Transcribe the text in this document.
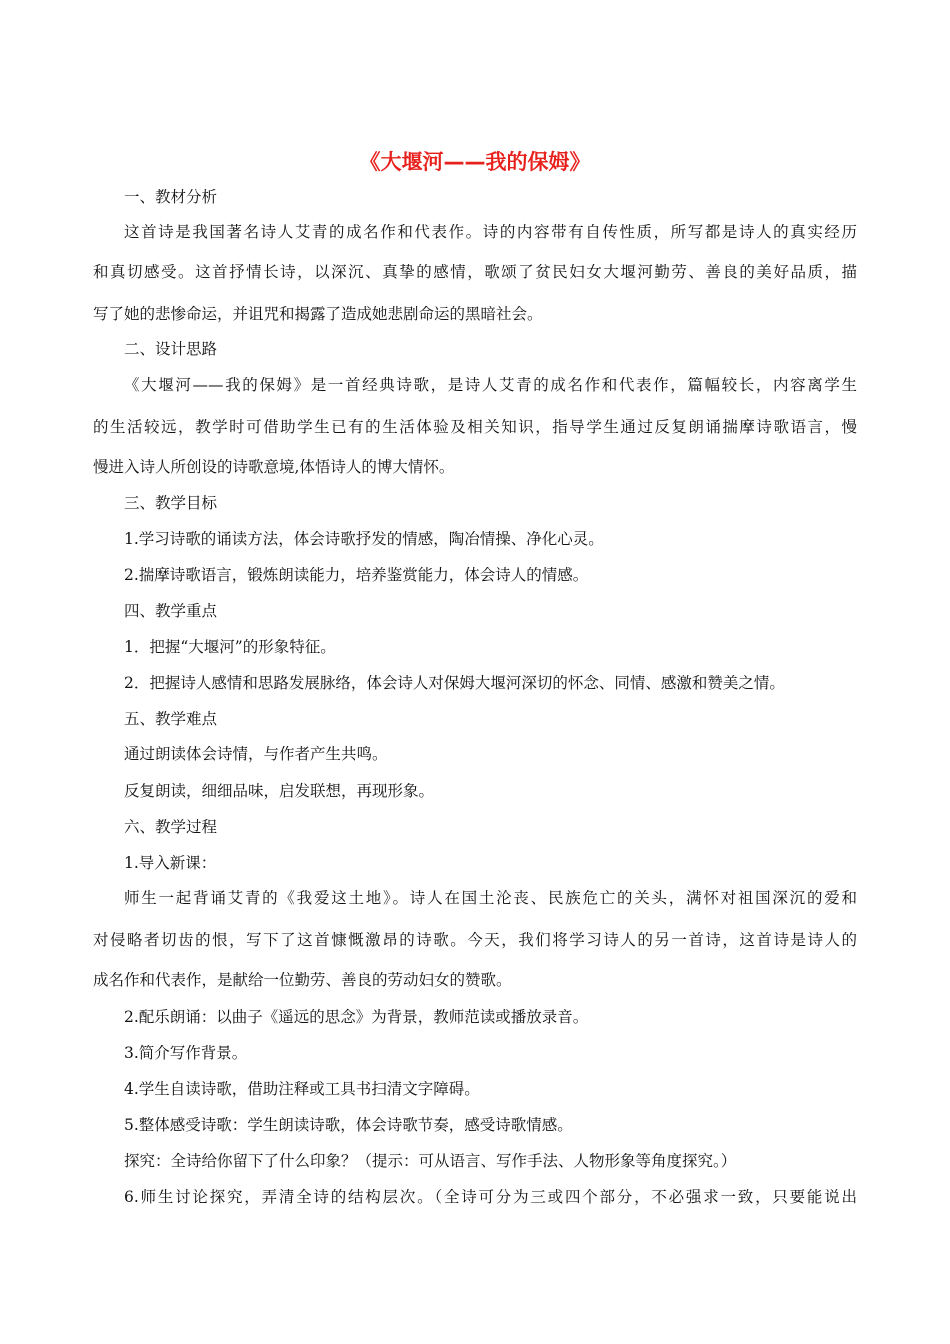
《大堰河——我的保姆》

一、教材分析

这首诗是我国著名诗人艾青的成名作和代表作。诗的内容带有自传性质，所写都是诗人的真实经历

和真切感受。这首抒情长诗，以深沉、真挚的感情，歌颂了贫民妇女大堰河勤劳、善良的美好品质，描

写了她的悲惨命运，并诅咒和揭露了造成她悲剧命运的黑暗社会。

二、设计思路

《大堰河——我的保姆》是一首经典诗歌，是诗人艾青的成名作和代表作，篇幅较长，内容离学生

的生活较远，教学时可借助学生已有的生活体验及相关知识，指导学生通过反复朗诵揣摩诗歌语言，慢

慢进入诗人所创设的诗歌意境,体悟诗人的博大情怀。

三、教学目标

1.学习诗歌的诵读方法，体会诗歌抒发的情感，陶冶情操、净化心灵。

2.揣摩诗歌语言，锻炼朗读能力，培养鉴赏能力，体会诗人的情感。

四、教学重点

1．把握“大堰河”的形象特征。

2．把握诗人感情和思路发展脉络，体会诗人对保姆大堰河深切的怀念、同情、感激和赞美之情。

五、教学难点

通过朗读体会诗情，与作者产生共鸣。

反复朗读，细细品味，启发联想，再现形象。

六、教学过程

1.导入新课：

师生一起背诵艾青的《我爱这土地》。诗人在国土沦丧、民族危亡的关头，满怀对祖国深沉的爱和

对侵略者切齿的恨，写下了这首慷慨激昂的诗歌。今天，我们将学习诗人的另一首诗，这首诗是诗人的

成名作和代表作，是献给一位勤劳、善良的劳动妇女的赞歌。

2.配乐朗诵：以曲子《遥远的思念》为背景，教师范读或播放录音。

3.简介写作背景。

4.学生自读诗歌，借助注释或工具书扫清文字障碍。

5.整体感受诗歌：学生朗读诗歌，体会诗歌节奏，感受诗歌情感。

探究：全诗给你留下了什么印象？（提示：可从语言、写作手法、人物形象等角度探究。）

6.师生讨论探究，弄清全诗的结构层次。（全诗可分为三或四个部分，不必强求一致，只要能说出
